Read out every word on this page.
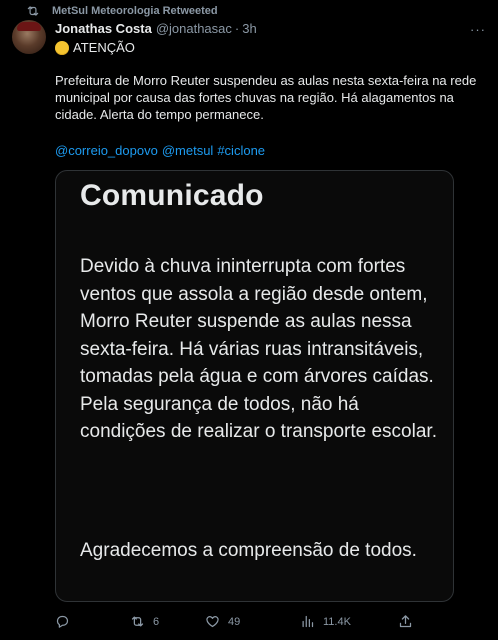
MetSul Meteorologia Retweeted
Jonathas Costa @jonathasac · 3h	···
ATENÇÃO
Prefeitura de Morro Reuter suspendeu as aulas nesta sexta-feira na rede municipal por causa das fortes chuvas na região. Há alagamentos na cidade. Alerta do tempo permanece.
@correio_dopovo @metsul #ciclone
Comunicado
Devido à chuva ininterrupta com fortes ventos que assola a região desde ontem, Morro Reuter suspende as aulas nessa sexta-feira. Há várias ruas intransitáveis, tomadas pela água e com árvores caídas. Pela segurança de todos, não há condições de realizar o transporte escolar.
Agradecemos a compreensão de todos.
6	49	11.4K
